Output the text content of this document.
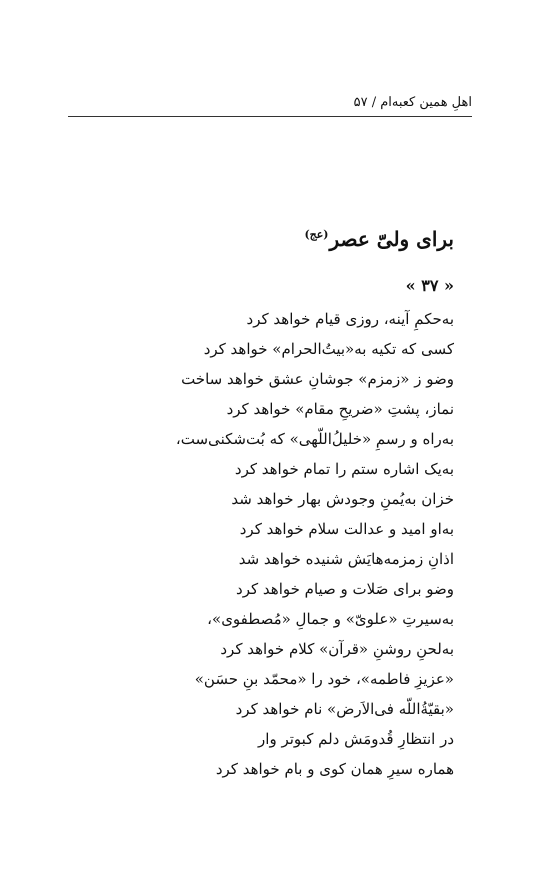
اهلِ همین کعبه‌ام / ۵۷
برای ولیّ عصر$^{(عج)}$
« ۳۷ »
به‌حکمِ آینه، روزی قیام خواهد کرد
کسی که تکیه به«بیتُ‌الحرام» خواهد کرد
وضو ز «زمزم» جوشانِ عشق خواهد ساخت
نماز، پشتِ «ضریحِ مقام» خواهد کرد
به‌راه و رسمِ «خلیلُ‌اللّهی» که بُت‌شکنی‌ست،
به‌یک اشاره ستم را تمام خواهد کرد
خزان به‌یُمنِ وجودش بهار خواهد شد
به‌او امید و عدالت سلام خواهد کرد
اذانِ زمزمه‌هایَش شنیده خواهد شد
وضو برای صَلات و صیام خواهد کرد
به‌سیرتِ «علویّ» و جمالِ «مُصطفوی»،
به‌لحنِ روشنِ «قرآن» کلام خواهد کرد
«عزیزِ فاطمه»، خود را «محمّد بنِ حسَن»
«بقیّةُاللّه فی‌الاَرض» نام خواهد کرد
در انتظارِ قُدومَش دلم کبوتر وار
هماره سیرِ همان کوی و بام خواهد کرد
